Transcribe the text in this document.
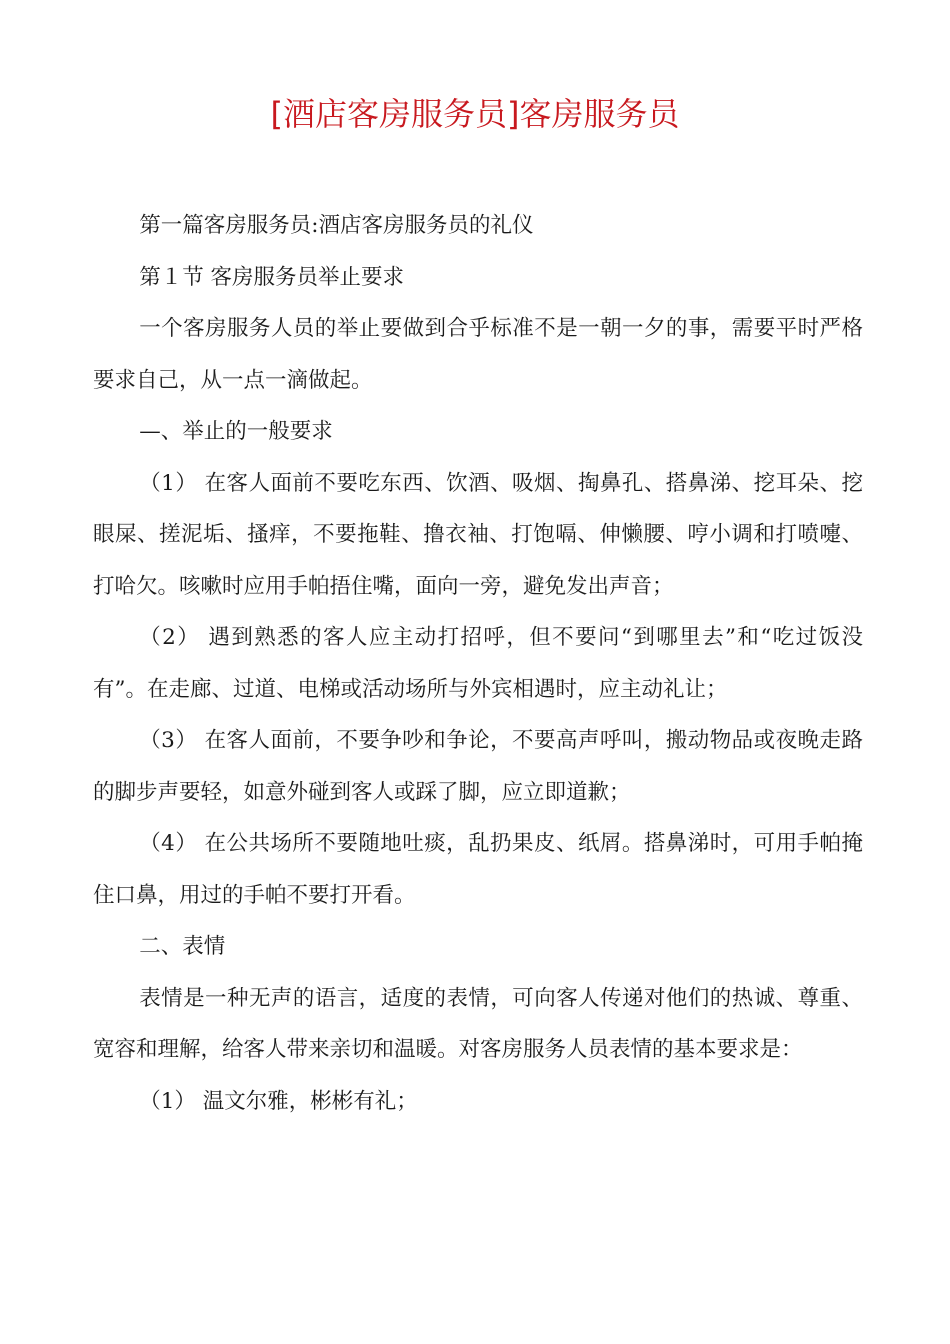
[酒店客房服务员]客房服务员

第一篇客房服务员:酒店客房服务员的礼仪

第１节 客房服务员举止要求

一个客房服务人员的举止要做到合乎标准不是一朝一夕的事，需要平时严格要求自己，从一点一滴做起。

—、举止的一般要求

（1） 在客人面前不要吃东西、饮酒、吸烟、掏鼻孔、搭鼻涕、挖耳朵、挖眼屎、搓泥垢、搔痒，不要拖鞋、撸衣袖、打饱嗝、伸懒腰、哼小调和打喷嚏、打哈欠。咳嗽时应用手帕捂住嘴，面向一旁，避免发出声音；

（2） 遇到熟悉的客人应主动打招呼，但不要问“到哪里去”和“吃过饭没有”。在走廊、过道、电梯或活动场所与外宾相遇时，应主动礼让；

（3） 在客人面前，不要争吵和争论，不要高声呼叫，搬动物品或夜晚走路的脚步声要轻，如意外碰到客人或踩了脚，应立即道歉；

（4） 在公共场所不要随地吐痰，乱扔果皮、纸屑。搭鼻涕时，可用手帕掩住口鼻，用过的手帕不要打开看。

二、表情

表情是一种无声的语言，适度的表情，可向客人传递对他们的热诚、尊重、宽容和理解，给客人带来亲切和温暖。对客房服务人员表情的基本要求是：

（1） 温文尔雅，彬彬有礼；
